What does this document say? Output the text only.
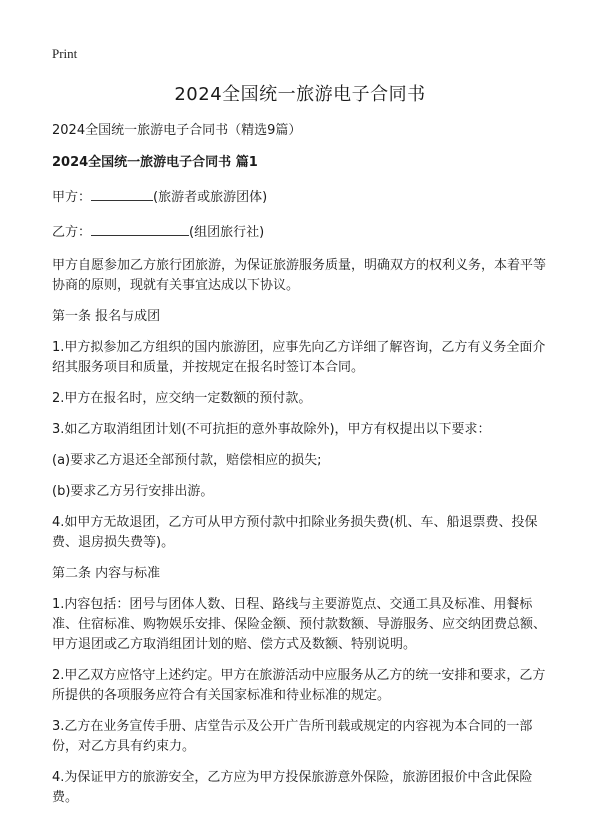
Print
2024全国统一旅游电子合同书

2024全国统一旅游电子合同书（精选9篇）

2024全国统一旅游电子合同书 篇1

甲方：	(旅游者或旅游团体)

乙方：	(组团旅行社)

甲方自愿参加乙方旅行团旅游，为保证旅游服务质量，明确双方的权利义务，本着平等协商的原则，现就有关事宜达成以下协议。

第一条 报名与成团

1.甲方拟参加乙方组织的国内旅游团，应事先向乙方详细了解咨询，乙方有义务全面介绍其服务项目和质量，并按规定在报名时签订本合同。

2.甲方在报名时，应交纳一定数额的预付款。

3.如乙方取消组团计划(不可抗拒的意外事故除外)，甲方有权提出以下要求：

(a)要求乙方退还全部预付款，赔偿相应的损失;

(b)要求乙方另行安排出游。

4.如甲方无故退团，乙方可从甲方预付款中扣除业务损失费(机、车、船退票费、投保费、退房损失费等)。

第二条 内容与标准

1.内容包括：团号与团体人数、日程、路线与主要游览点、交通工具及标准、用餐标准、住宿标准、购物娱乐安排、保险金额、预付款数额、导游服务、应交纳团费总额、甲方退团或乙方取消组团计划的赔、偿方式及数额、特别说明。

2.甲乙双方应恪守上述约定。甲方在旅游活动中应服务从乙方的统一安排和要求，乙方所提供的各项服务应符合有关国家标准和待业标准的规定。

3.乙方在业务宣传手册、店堂告示及公开广告所刊载或规定的内容视为本合同的一部份，对乙方具有约束力。

4.为保证甲方的旅游安全，乙方应为甲方投保旅游意外保险，旅游团报价中含此保险费。
